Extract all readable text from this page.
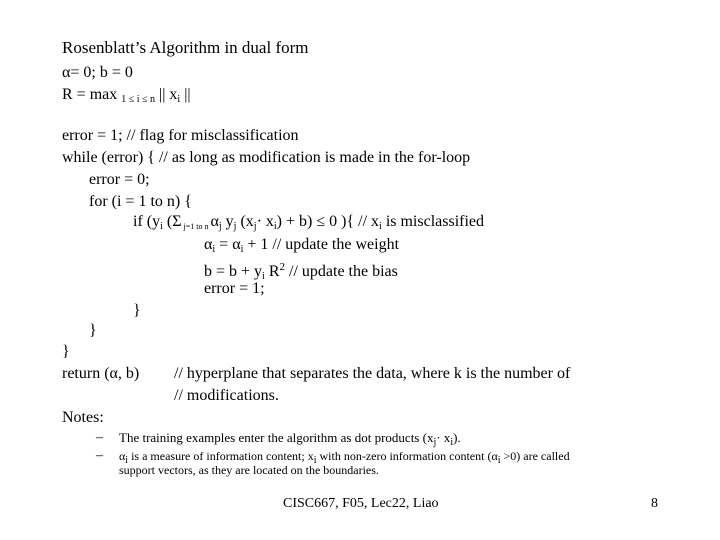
Rosenblatt’s Algorithm in dual form
α= 0; b = 0
R = max $_{1 \le i \le n}$ || $x_i$ ||
error = 1; // flag for misclassification
while (error) { // as long as modification is made in the for-loop
error = 0;
for (i = 1 to n) {
if ($y_i$ (Σ j=1 to n $\alpha_j$ $y_j$ $(x_j\cdot x_i) + b) \le 0$ ){ // $x_i$ is misclassified
$\alpha_i = \alpha_i + 1$ // update the weight
$b = b + y_i$ $R^2$ // update the bias
error = 1;
}
}
}
return (α, b) // hyperplane that separates the data, where k is the number of
// modifications.
Notes:
– The training examples enter the algorithm as dot products $(x_j\cdot x_i)$.
– $\alpha_i$ is a measure of information content; $x_i$ with non-zero information content $(\alpha_i >0)$ are called
support vectors, as they are located on the boundaries.
CISC667, F05, Lec22, Liao	8
